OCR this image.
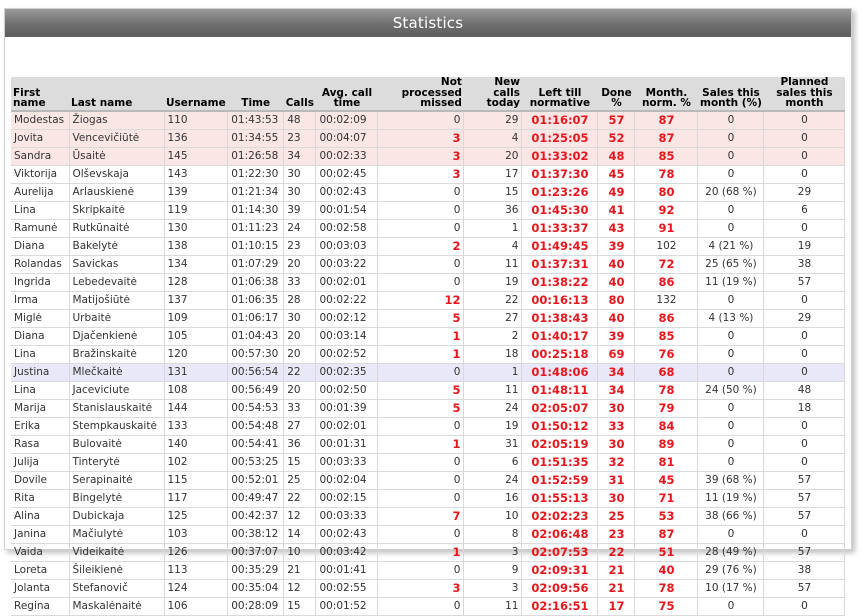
Statistics
First name	Last name	Username	Time	Calls	Avg. call time	Not processed missed	New calls today	Left till normative	Done %	Month. norm. %	Sales this month (%)	Planned sales this month
Modestas	Žiogas	110	01:43:53	48	00:02:09	0	29	01:16:07	57	87	0	0
Jovita	Vencevičiūtė	136	01:34:55	23	00:04:07	3	4	01:25:05	52	87	0	0
Sandra	Ūsaitė	145	01:26:58	34	00:02:33	3	20	01:33:02	48	85	0	0
Viktorija	Olševskaja	143	01:22:30	30	00:02:45	3	17	01:37:30	45	78	0	0
Aurelija	Arlauskienė	139	01:21:34	30	00:02:43	0	15	01:23:26	49	80	20 (68 %)	29
Lina	Skripkaitė	119	01:14:30	39	00:01:54	0	36	01:45:30	41	92	0	6
Ramunė	Rutkūnaitė	130	01:11:23	24	00:02:58	0	1	01:33:37	43	91	0	0
Diana	Bakelytė	138	01:10:15	23	00:03:03	2	4	01:49:45	39	102	4 (21 %)	19
Rolandas	Savickas	134	01:07:29	20	00:03:22	0	11	01:37:31	40	72	25 (65 %)	38
Ingrida	Lebedevaitė	128	01:06:38	33	00:02:01	0	19	01:38:22	40	86	11 (19 %)	57
Irma	Matijošiūtė	137	01:06:35	28	00:02:22	12	22	00:16:13	80	132	0	0
Miglė	Urbaitė	109	01:06:17	30	00:02:12	5	27	01:38:43	40	86	4 (13 %)	29
Diana	Djačenkienė	105	01:04:43	20	00:03:14	1	2	01:40:17	39	85	0	0
Lina	Bražinskaitė	120	00:57:30	20	00:02:52	1	18	00:25:18	69	76	0	0
Justina	Mlečkaitė	131	00:56:54	22	00:02:35	0	1	01:48:06	34	68	0	0
Lina	Jaceviciute	108	00:56:49	20	00:02:50	5	11	01:48:11	34	78	24 (50 %)	48
Marija	Stanislauskaitė	144	00:54:53	33	00:01:39	5	24	02:05:07	30	79	0	18
Erika	Stempkauskaitė	133	00:54:48	27	00:02:01	0	19	01:50:12	33	84	0	0
Rasa	Bulovaitė	140	00:54:41	36	00:01:31	1	31	02:05:19	30	89	0	0
Julija	Tinterytė	102	00:53:25	15	00:03:33	0	6	01:51:35	32	81	0	0
Dovile	Serapinaitė	115	00:52:01	25	00:02:04	0	24	01:52:59	31	45	39 (68 %)	57
Rita	Bingelytė	117	00:49:47	22	00:02:15	0	16	01:55:13	30	71	11 (19 %)	57
Alina	Dubickaja	125	00:42:37	12	00:03:33	7	10	02:02:23	25	53	38 (66 %)	57
Janina	Mačiulytė	103	00:38:12	14	00:02:43	0	8	02:06:48	23	87	0	0
Vaida	Videikaitė	126	00:37:07	10	00:03:42	1	3	02:07:53	22	51	28 (49 %)	57
Loreta	Šileikienė	113	00:35:29	21	00:01:41	0	9	02:09:31	21	40	29 (76 %)	38
Jolanta	Stefanovič	124	00:35:04	12	00:02:55	3	3	02:09:56	21	78	10 (17 %)	57
Regina	Maskalėnaitė	106	00:28:09	15	00:01:52	0	11	02:16:51	17	75	0	0
